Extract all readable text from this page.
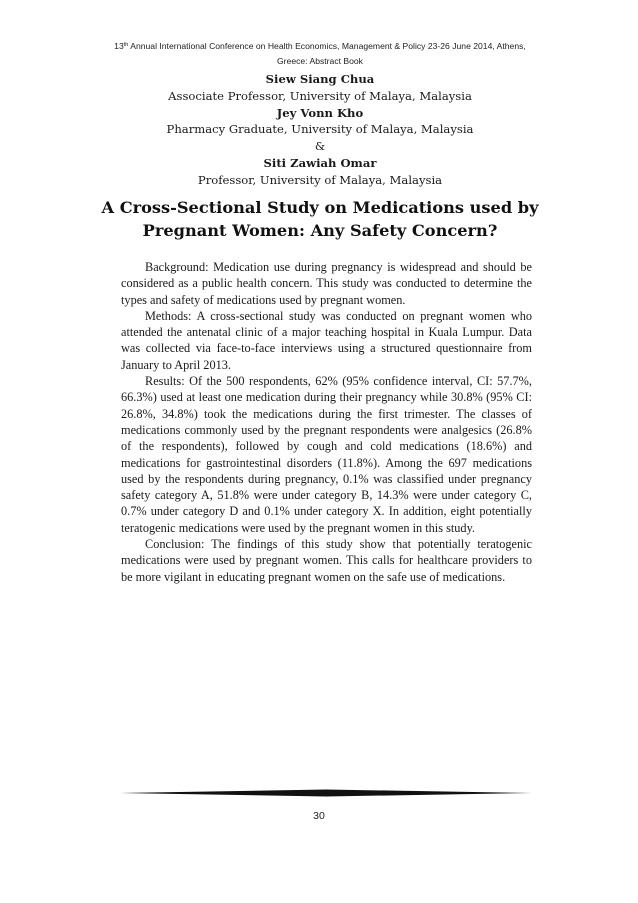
13th Annual International Conference on Health Economics, Management & Policy 23-26 June 2014, Athens,
Greece: Abstract Book
Siew Siang Chua
Associate Professor, University of Malaya, Malaysia
Jey Vonn Kho
Pharmacy Graduate, University of Malaya, Malaysia
&
Siti Zawiah Omar
Professor, University of Malaya, Malaysia
A Cross-Sectional Study on Medications used by
Pregnant Women: Any Safety Concern?

Background: Medication use during pregnancy is widespread and should be considered as a public health concern. This study was conducted to determine the types and safety of medications used by pregnant women.

Methods: A cross-sectional study was conducted on pregnant women who attended the antenatal clinic of a major teaching hospital in Kuala Lumpur. Data was collected via face-to-face interviews using a structured questionnaire from January to April 2013.

Results: Of the 500 respondents, 62% (95% confidence interval, CI: 57.7%, 66.3%) used at least one medication during their pregnancy while 30.8% (95% CI: 26.8%, 34.8%) took the medications during the first trimester. The classes of medications commonly used by the pregnant respondents were analgesics (26.8% of the respondents), followed by cough and cold medications (18.6%) and medications for gastrointestinal disorders (11.8%). Among the 697 medications used by the respondents during pregnancy, 0.1% was classified under pregnancy safety category A, 51.8% were under category B, 14.3% were under category C, 0.7% under category D and 0.1% under category X. In addition, eight potentially teratogenic medications were used by the pregnant women in this study.

Conclusion: The findings of this study show that potentially teratogenic medications were used by pregnant women. This calls for healthcare providers to be more vigilant in educating pregnant women on the safe use of medications.

30
